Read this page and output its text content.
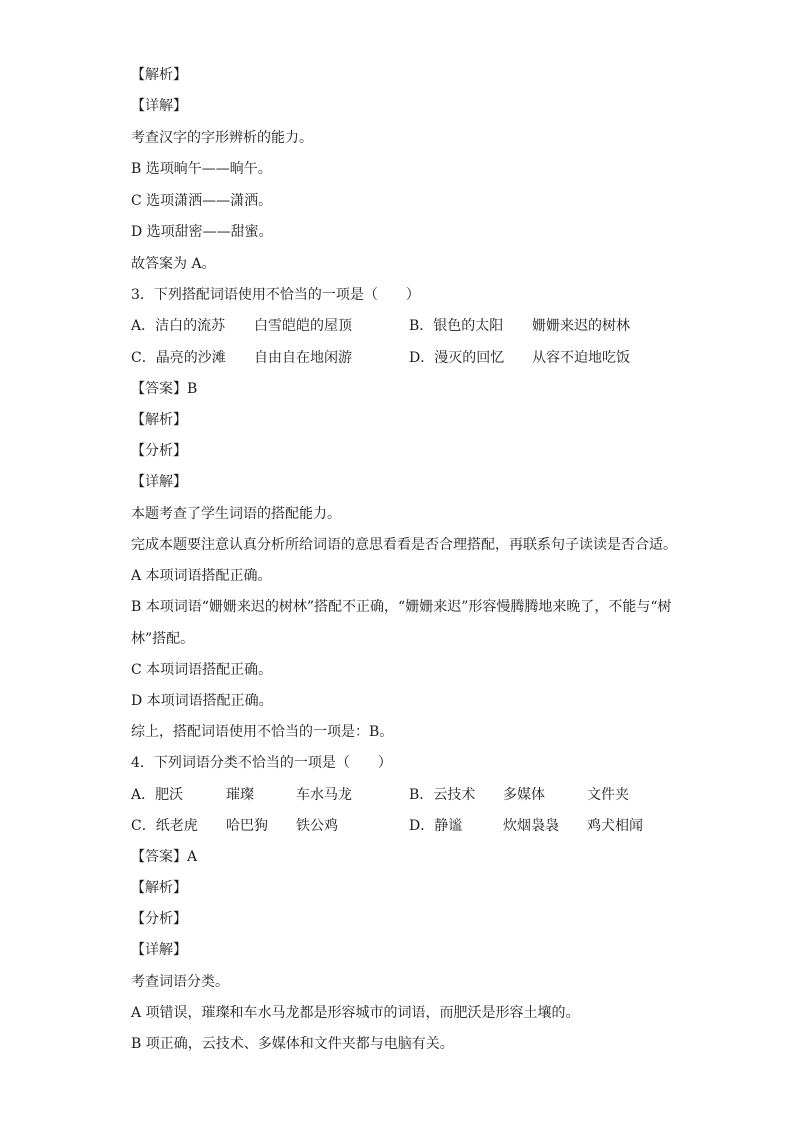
【解析】
【详解】
考查汉字的字形辨析的能力。
B 选项晌午——晌午。
C 选项潇洒——潇洒。
D 选项甜密——甜蜜。
故答案为 A。
3．下列搭配词语使用不恰当的一项是（　　）
A．洁白的流苏 白雪皑皑的屋顶	B．银色的太阳 姗姗来迟的树林
C．晶亮的沙滩 自由自在地闲游	D．漫灭的回忆 从容不迫地吃饭
【答案】B
【解析】
【分析】
【详解】
本题考查了学生词语的搭配能力。
完成本题要注意认真分析所给词语的意思看看是否合理搭配，再联系句子读读是否合适。
A 本项词语搭配正确。
B 本项词语“姗姗来迟的树林”搭配不正确，“姗姗来迟”形容慢腾腾地来晚了，不能与“树
林”搭配。
C 本项词语搭配正确。
D 本项词语搭配正确。
综上，搭配词语使用不恰当的一项是：B。
4．下列词语分类不恰当的一项是（　　）
A．肥沃	璀璨	车水马龙	B．云技术 多媒体	文件夹
C．纸老虎 哈巴狗 铁公鸡	D．静谧	炊烟袅袅 鸡犬相闻
【答案】A
【解析】
【分析】
【详解】
考查词语分类。
A 项错误，璀璨和车水马龙都是形容城市的词语，而肥沃是形容土壤的。
B 项正确，云技术、多媒体和文件夹都与电脑有关。
